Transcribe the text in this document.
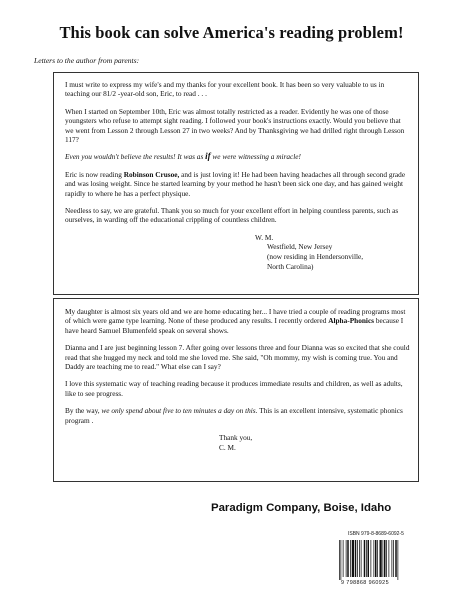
This book can solve America's reading problem!
Letters to the author from parents:

I must write to express my wife's and my thanks for your excellent book. It has been so very valuable to us in teaching our 81/2 -year-old son, Eric, to read . . .

When I started on September 10th, Eric was almost totally restricted as a reader. Evidently he was one of those youngsters who refuse to attempt sight reading. I followed your book's instructions exactly. Would you believe that we went from Lesson 2 through Lesson 27 in two weeks? And by Thanksgiving we had drilled right through Lesson 117?

Even you wouldn't believe the results! It was as if we were witnessing a miracle!

Eric is now reading Robinson Crusoe, and is just loving it! He had been having headaches all through second grade and was losing weight. Since he started learning by your method he hasn't been sick one day, and has gained weight rapidly to where he has a perfect physique.

Needless to say, we are grateful. Thank you so much for your excellent effort in helping countless parents, such as ourselves, in warding off the educational crippling of countless children.

W. M.
Westfield, New Jersey
(now residing in Hendersonville,
North Carolina)

My daughter is almost six years old and we are home educating her... I have tried a couple of reading programs most of which were game type learning. None of these produced any results. I recently ordered Alpha-Phonics because I have heard Samuel Blumenfeld speak on several shows.

Dianna and I are just beginning lesson 7. After going over lessons three and four Dianna was so excited that she could read that she hugged my neck and told me she loved me. She said, "Oh mommy, my wish is coming true. You and Daddy are teaching me to read." What else can I say?

I love this systematic way of teaching reading because it produces immediate results and children, as well as adults, like to see progress.

By the way, we only spend about five to ten minutes a day on this. This is an excellent intensive, systematic phonics program .

Thank you,
C. M.
Paradigm Company, Boise, Idaho
ISBN 979-8-8689-6092-5
9 798868 960925
